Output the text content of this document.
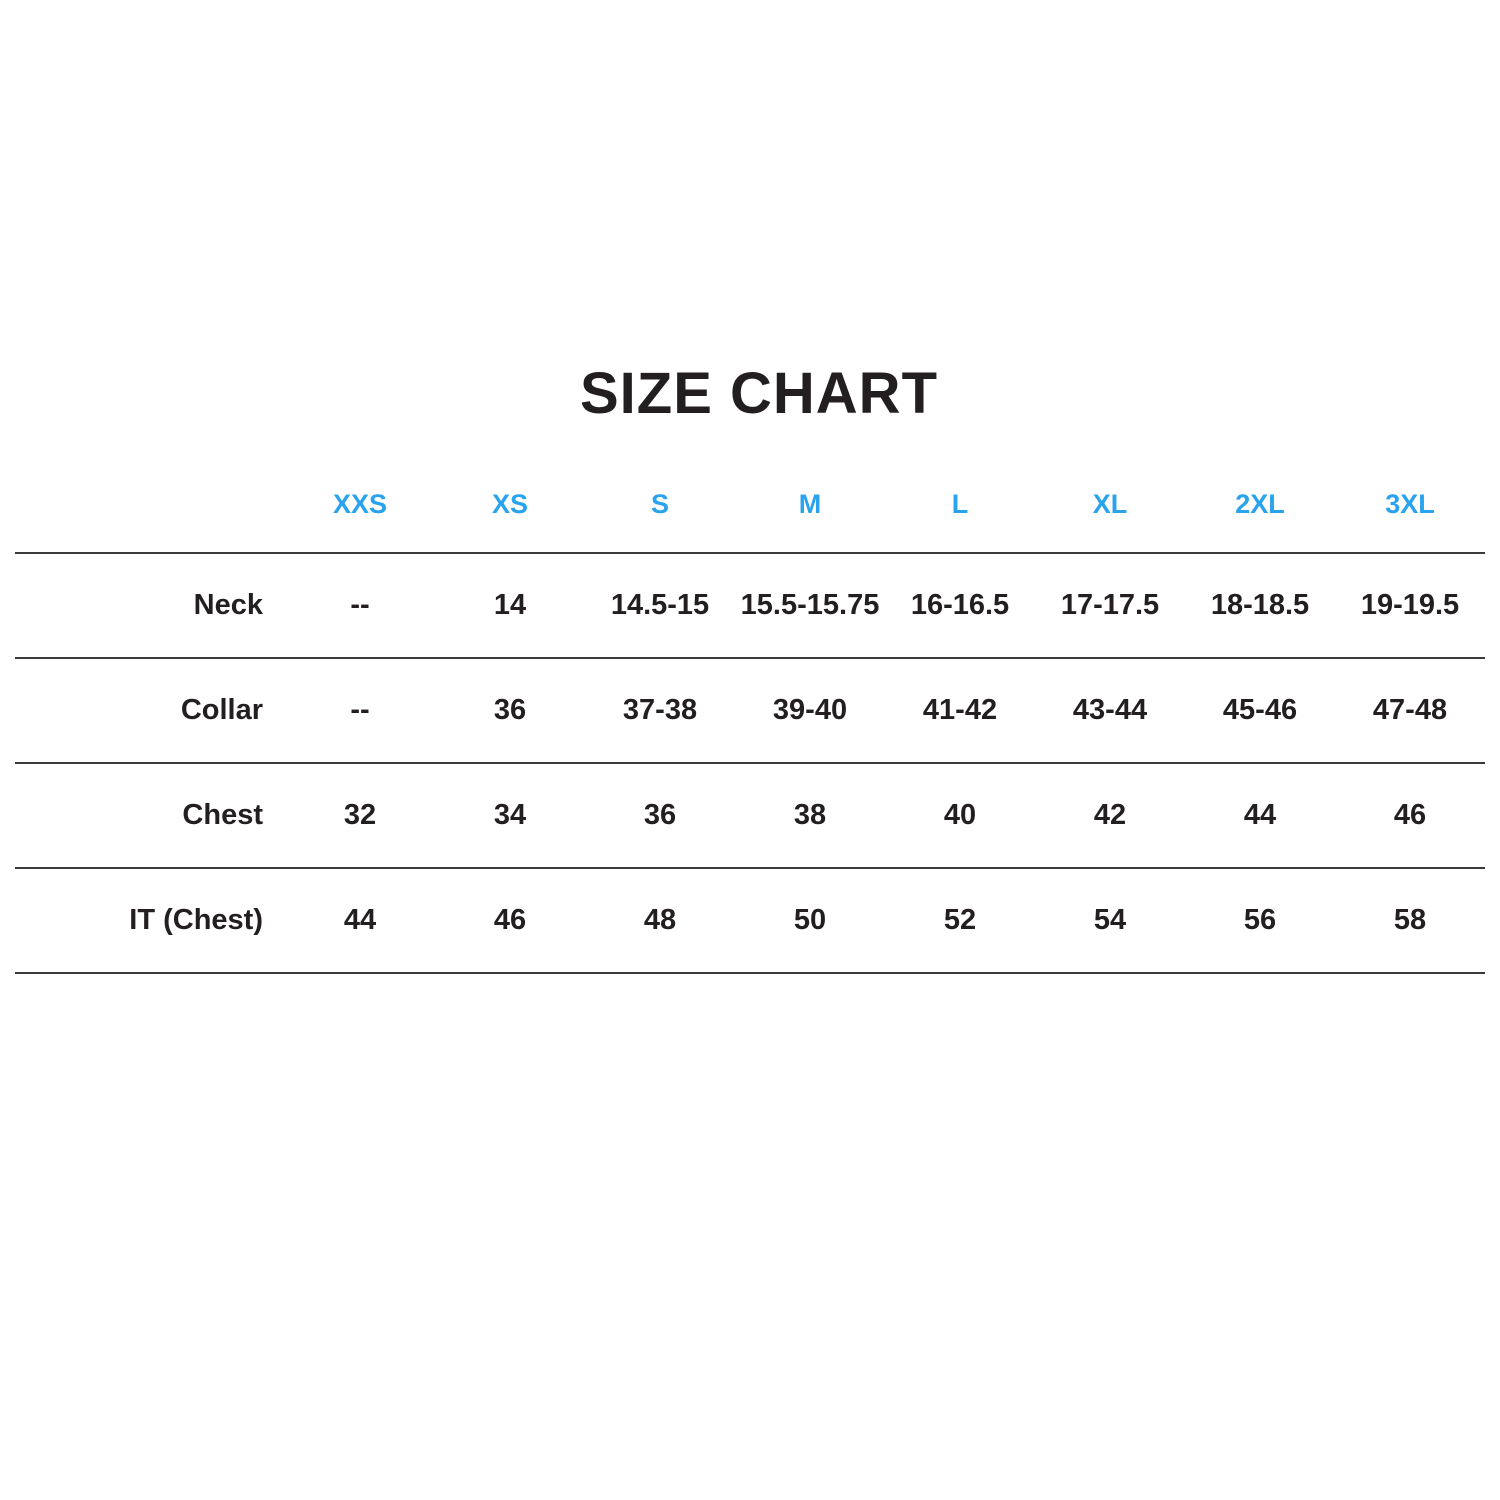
SIZE CHART
	XXS	XS	S	M	L	XL	2XL	3XL
Neck	--	14	14.5-15	15.5-15.75	16-16.5	17-17.5	18-18.5	19-19.5
Collar	--	36	37-38	39-40	41-42	43-44	45-46	47-48
Chest	32	34	36	38	40	42	44	46
IT (Chest)	44	46	48	50	52	54	56	58
